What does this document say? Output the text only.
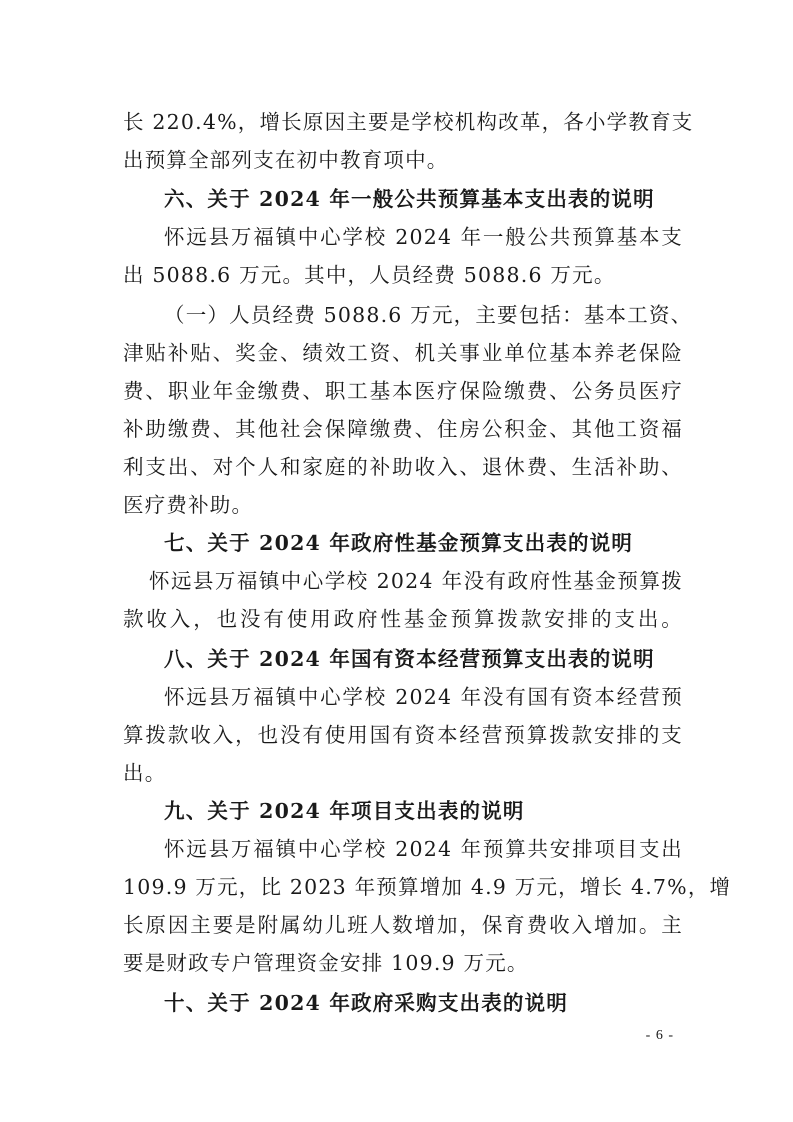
长 220.4%，增长原因主要是学校机构改革，各小学教育支
出预算全部列支在初中教育项中。
六、关于 2024 年一般公共预算基本支出表的说明
怀远县万福镇中心学校 2024 年一般公共预算基本支
出 5088.6 万元。其中，人员经费 5088.6 万元。
（一）人员经费 5088.6 万元，主要包括：基本工资、
津贴补贴、奖金、绩效工资、机关事业单位基本养老保险
费、职业年金缴费、职工基本医疗保险缴费、公务员医疗
补助缴费、其他社会保障缴费、住房公积金、其他工资福
利支出、对个人和家庭的补助收入、退休费、生活补助、
医疗费补助。
七、关于 2024 年政府性基金预算支出表的说明
怀远县万福镇中心学校 2024 年没有政府性基金预算拨
款收入，也没有使用政府性基金预算拨款安排的支出。
八、关于 2024 年国有资本经营预算支出表的说明
怀远县万福镇中心学校 2024 年没有国有资本经营预
算拨款收入，也没有使用国有资本经营预算拨款安排的支
出。
九、关于 2024 年项目支出表的说明
怀远县万福镇中心学校 2024 年预算共安排项目支出
109.9 万元，比 2023 年预算增加 4.9 万元，增长 4.7%，增
长原因主要是附属幼儿班人数增加，保育费收入增加。主
要是财政专户管理资金安排 109.9 万元。
十、关于 2024 年政府采购支出表的说明
- 6 -
